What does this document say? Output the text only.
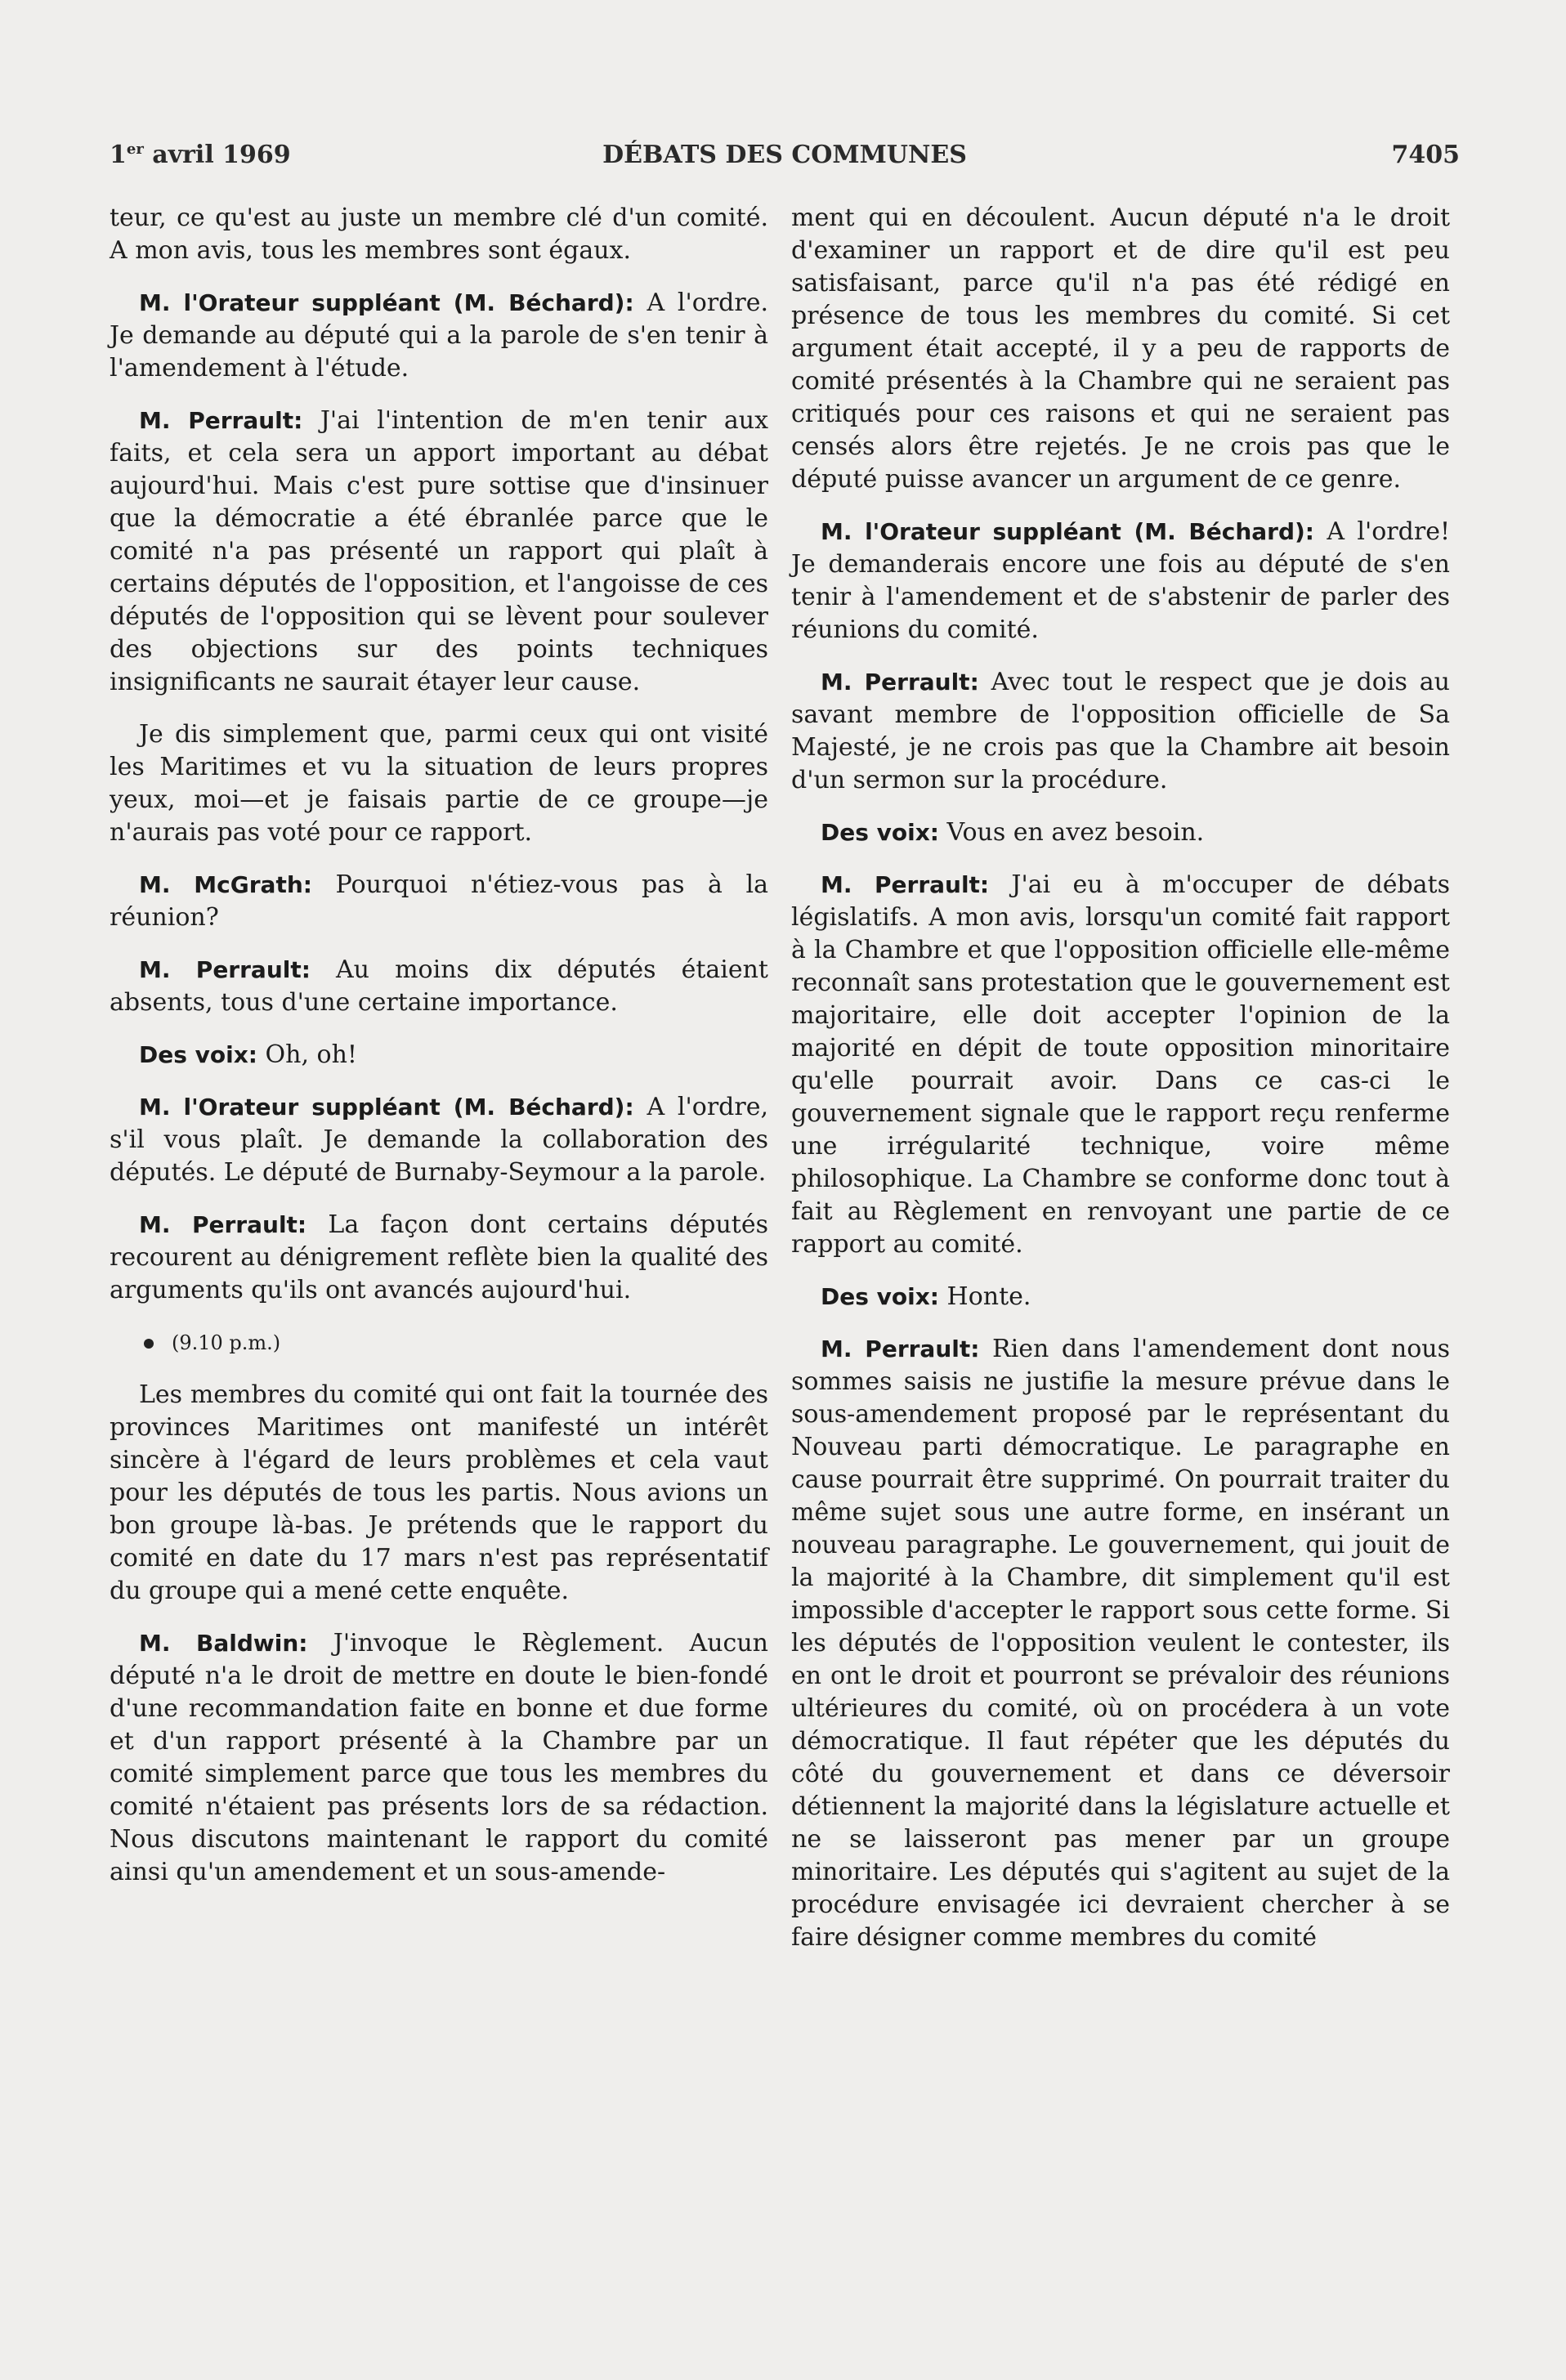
1er avril 1969	DÉBATS DES COMMUNES	7405

teur, ce qu'est au juste un membre clé d'un comité. A mon avis, tous les membres sont égaux.

M. l'Orateur suppléant (M. Béchard): A l'ordre. Je demande au député qui a la parole de s'en tenir à l'amendement à l'étude.

M. Perrault: J'ai l'intention de m'en tenir aux faits, et cela sera un apport important au débat aujourd'hui. Mais c'est pure sottise que d'insinuer que la démocratie a été ébranlée parce que le comité n'a pas présenté un rapport qui plaît à certains députés de l'opposition, et l'angoisse de ces députés de l'opposition qui se lèvent pour soulever des objections sur des points techniques insignificants ne saurait étayer leur cause.

Je dis simplement que, parmi ceux qui ont visité les Maritimes et vu la situation de leurs propres yeux, moi—et je faisais partie de ce groupe—je n'aurais pas voté pour ce rapport.

M. McGrath: Pourquoi n'étiez-vous pas à la réunion?

M. Perrault: Au moins dix députés étaient absents, tous d'une certaine importance.

Des voix: Oh, oh!

M. l'Orateur suppléant (M. Béchard): A l'ordre, s'il vous plaît. Je demande la collaboration des députés. Le député de Burnaby-Seymour a la parole.

M. Perrault: La façon dont certains députés recourent au dénigrement reflète bien la qualité des arguments qu'ils ont avancés aujourd'hui.

(9.10 p.m.)

Les membres du comité qui ont fait la tournée des provinces Maritimes ont manifesté un intérêt sincère à l'égard de leurs problèmes et cela vaut pour les députés de tous les partis. Nous avions un bon groupe là-bas. Je prétends que le rapport du comité en date du 17 mars n'est pas représentatif du groupe qui a mené cette enquête.

M. Baldwin: J'invoque le Règlement. Aucun député n'a le droit de mettre en doute le bien-fondé d'une recommandation faite en bonne et due forme et d'un rapport présenté à la Chambre par un comité simplement parce que tous les membres du comité n'étaient pas présents lors de sa rédaction. Nous discutons maintenant le rapport du comité ainsi qu'un amendement et un sous-amende-

ment qui en découlent. Aucun député n'a le droit d'examiner un rapport et de dire qu'il est peu satisfaisant, parce qu'il n'a pas été rédigé en présence de tous les membres du comité. Si cet argument était accepté, il y a peu de rapports de comité présentés à la Chambre qui ne seraient pas critiqués pour ces raisons et qui ne seraient pas censés alors être rejetés. Je ne crois pas que le député puisse avancer un argument de ce genre.

M. l'Orateur suppléant (M. Béchard): A l'ordre! Je demanderais encore une fois au député de s'en tenir à l'amendement et de s'abstenir de parler des réunions du comité.

M. Perrault: Avec tout le respect que je dois au savant membre de l'opposition officielle de Sa Majesté, je ne crois pas que la Chambre ait besoin d'un sermon sur la procédure.

Des voix: Vous en avez besoin.

M. Perrault: J'ai eu à m'occuper de débats législatifs. A mon avis, lorsqu'un comité fait rapport à la Chambre et que l'opposition officielle elle-même reconnaît sans protestation que le gouvernement est majoritaire, elle doit accepter l'opinion de la majorité en dépit de toute opposition minoritaire qu'elle pourrait avoir. Dans ce cas-ci le gouvernement signale que le rapport reçu renferme une irrégularité technique, voire même philosophique. La Chambre se conforme donc tout à fait au Règlement en renvoyant une partie de ce rapport au comité.

Des voix: Honte.

M. Perrault: Rien dans l'amendement dont nous sommes saisis ne justifie la mesure prévue dans le sous-amendement proposé par le représentant du Nouveau parti démocratique. Le paragraphe en cause pourrait être supprimé. On pourrait traiter du même sujet sous une autre forme, en insérant un nouveau paragraphe. Le gouvernement, qui jouit de la majorité à la Chambre, dit simplement qu'il est impossible d'accepter le rapport sous cette forme. Si les députés de l'opposition veulent le contester, ils en ont le droit et pourront se prévaloir des réunions ultérieures du comité, où on procédera à un vote démocratique. Il faut répéter que les députés du côté du gouvernement et dans ce déversoir détiennent la majorité dans la législature actuelle et ne se laisseront pas mener par un groupe minoritaire. Les députés qui s'agitent au sujet de la procédure envisagée ici devraient chercher à se faire désigner comme membres du comité
